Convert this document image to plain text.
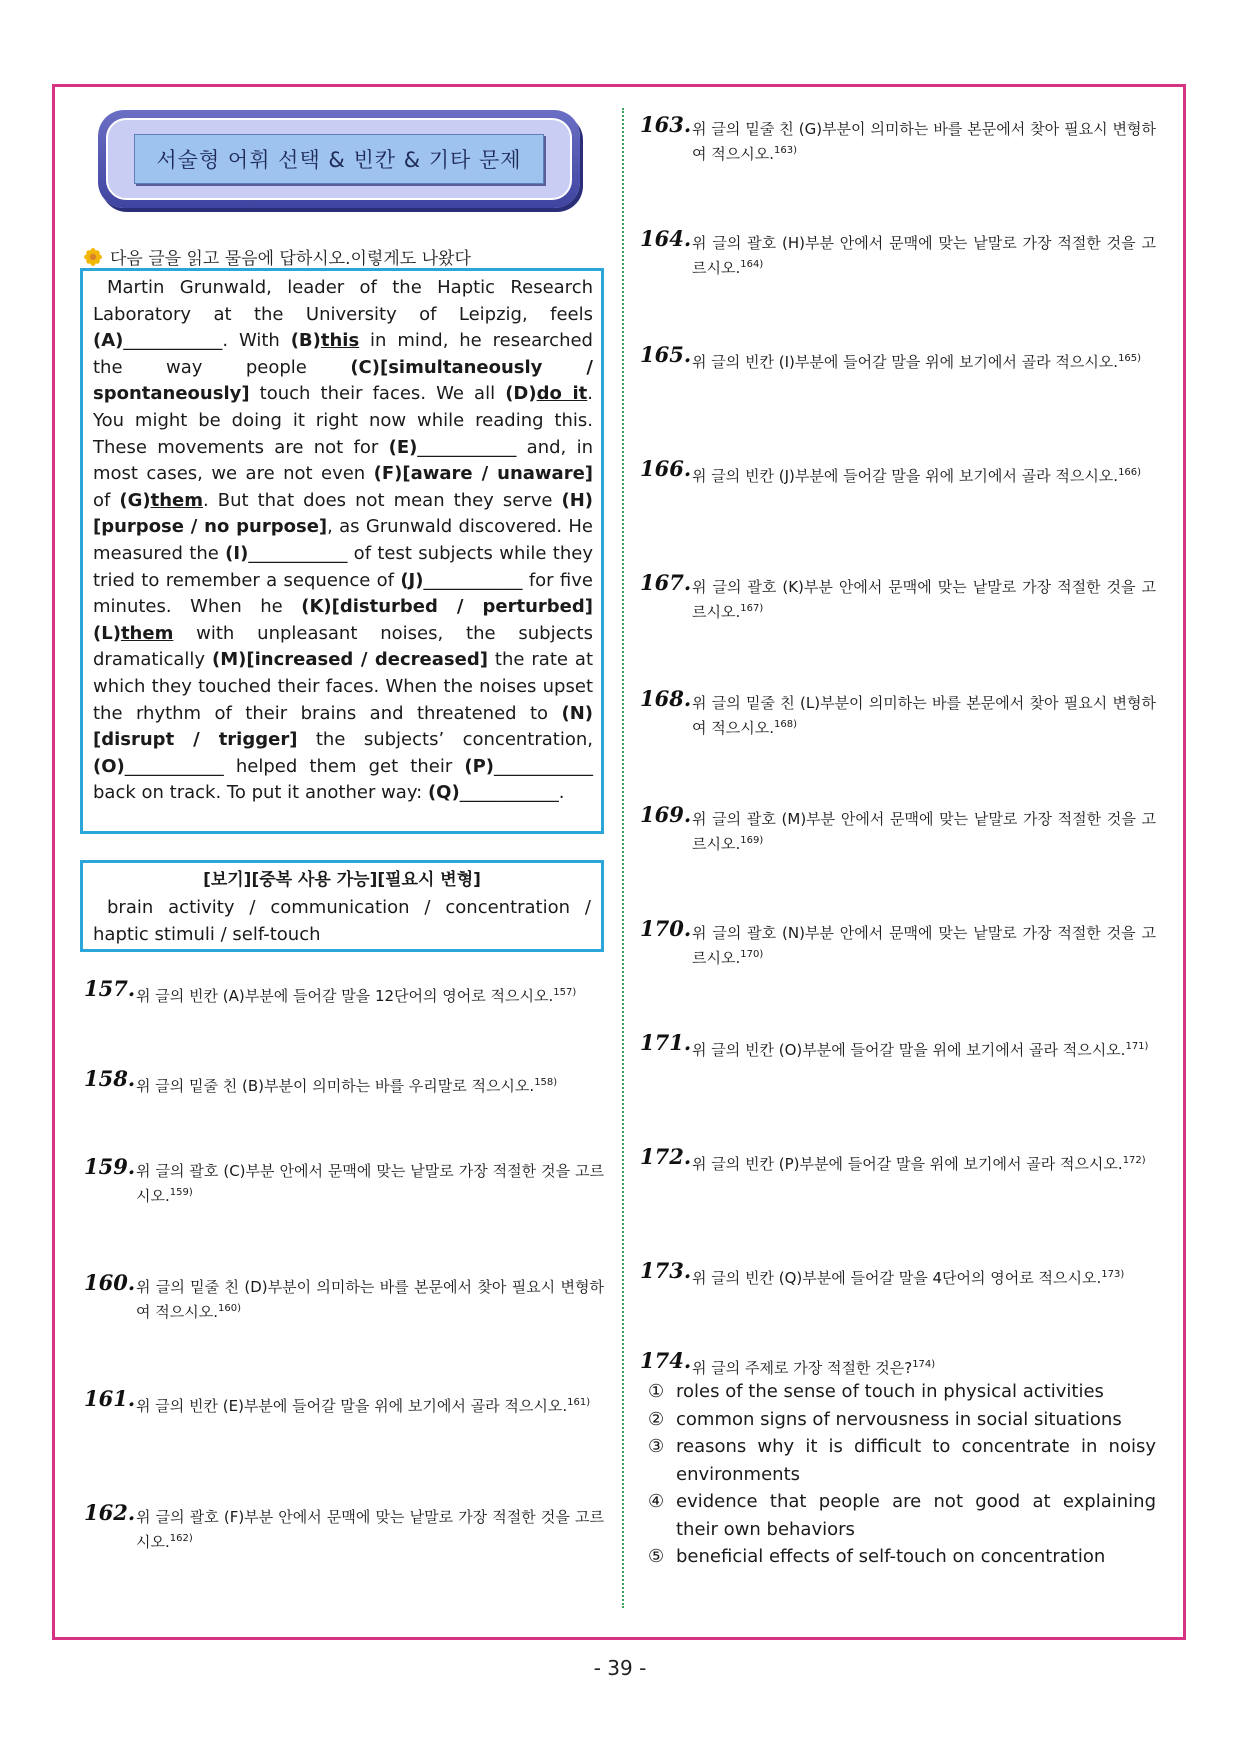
서술형 어휘 선택 & 빈칸 & 기타 문제
다음 글을 읽고 물음에 답하시오.이렇게도 나왔다

Martin Grunwald, leader of the Haptic Research Laboratory at the University of Leipzig, feels (A)___________. With (B)this in mind, he researched the way people (C)[simultaneously / spontaneously] touch their faces. We all (D)do it. You might be doing it right now while reading this. These movements are not for (E)___________ and, in most cases, we are not even (F)[aware / unaware] of (G)them. But that does not mean they serve (H)[purpose / no purpose], as Grunwald discovered. He measured the (I)___________ of test subjects while they tried to remember a sequence of (J)___________ for five minutes. When he (K)[disturbed / perturbed] (L)them with unpleasant noises, the subjects dramatically (M)[increased / decreased] the rate at which they touched their faces. When the noises upset the rhythm of their brains and threatened to (N)[disrupt / trigger] the subjects’ concentration, (O)___________ helped them get their (P)___________ back on track. To put it another way: (Q)___________.

[보기][중복 사용 가능][필요시 변형]
brain activity / communication / concentration / haptic stimuli / self-touch
157. 위 글의 빈칸 (A)부분에 들어갈 말을 12단어의 영어로 적으시오.$^{157)}$
158. 위 글의 밑줄 친 (B)부분이 의미하는 바를 우리말로 적으시오.$^{158)}$
159. 위 글의 괄호 (C)부분 안에서 문맥에 맞는 낱말로 가장 적절한 것을 고르시오.$^{159)}$
160. 위 글의 밑줄 친 (D)부분이 의미하는 바를 본문에서 찾아 필요시 변형하여 적으시오.$^{160)}$
161. 위 글의 빈칸 (E)부분에 들어갈 말을 위에 보기에서 골라 적으시오.$^{161)}$
162. 위 글의 괄호 (F)부분 안에서 문맥에 맞는 낱말로 가장 적절한 것을 고르시오.$^{162)}$
163. 위 글의 밑줄 친 (G)부분이 의미하는 바를 본문에서 찾아 필요시 변형하여 적으시오.$^{163)}$
164. 위 글의 괄호 (H)부분 안에서 문맥에 맞는 낱말로 가장 적절한 것을 고르시오.$^{164)}$
165. 위 글의 빈칸 (I)부분에 들어갈 말을 위에 보기에서 골라 적으시오.$^{165)}$
166. 위 글의 빈칸 (J)부분에 들어갈 말을 위에 보기에서 골라 적으시오.$^{166)}$
167. 위 글의 괄호 (K)부분 안에서 문맥에 맞는 낱말로 가장 적절한 것을 고르시오.$^{167)}$
168. 위 글의 밑줄 친 (L)부분이 의미하는 바를 본문에서 찾아 필요시 변형하여 적으시오.$^{168)}$
169. 위 글의 괄호 (M)부분 안에서 문맥에 맞는 낱말로 가장 적절한 것을 고르시오.$^{169)}$
170. 위 글의 괄호 (N)부분 안에서 문맥에 맞는 낱말로 가장 적절한 것을 고르시오.$^{170)}$
171. 위 글의 빈칸 (O)부분에 들어갈 말을 위에 보기에서 골라 적으시오.$^{171)}$
172. 위 글의 빈칸 (P)부분에 들어갈 말을 위에 보기에서 골라 적으시오.$^{172)}$
173. 위 글의 빈칸 (Q)부분에 들어갈 말을 4단어의 영어로 적으시오.$^{173)}$
174. 위 글의 주제로 가장 적절한 것은?$^{174)}$
① roles of the sense of touch in physical activities
② common signs of nervousness in social situations
③ reasons why it is difficult to concentrate in noisy environments
④ evidence that people are not good at explaining their own behaviors
⑤ beneficial effects of self-touch on concentration
- 39 -
